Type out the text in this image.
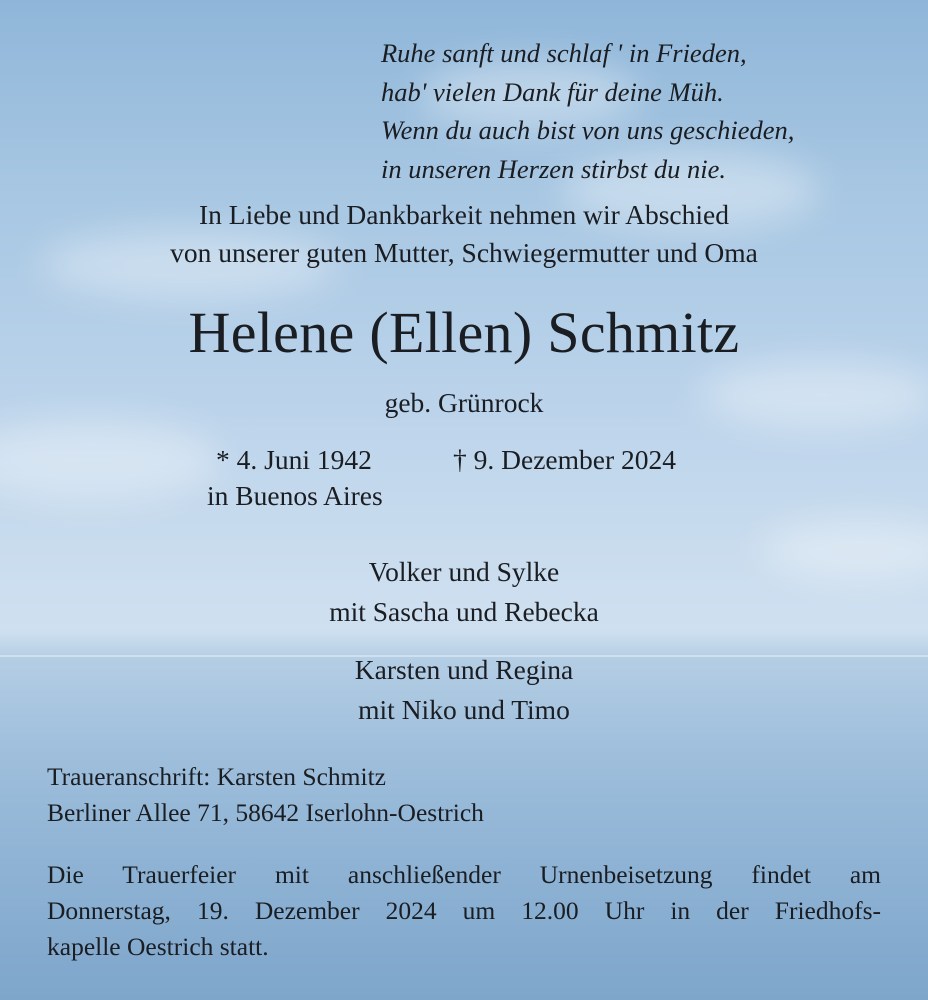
Ruhe sanft und schlaf ' in Frieden,
hab' vielen Dank für deine Müh.
Wenn du auch bist von uns geschieden,
in unseren Herzen stirbst du nie.
In Liebe und Dankbarkeit nehmen wir Abschied
von unserer guten Mutter, Schwiegermutter und Oma
Helene (Ellen) Schmitz
geb. Grünrock
* 4. Juni 1942
in Buenos Aires
† 9. Dezember 2024
Volker und Sylke
mit Sascha und Rebecka
Karsten und Regina
mit Niko und Timo
Traueranschrift: Karsten Schmitz
Berliner Allee 71, 58642 Iserlohn-Oestrich
Die Trauerfeier mit anschließender Urnenbeisetzung findet am
Donnerstag, 19. Dezember 2024 um 12.00 Uhr in der Friedhofs-
kapelle Oestrich statt.
